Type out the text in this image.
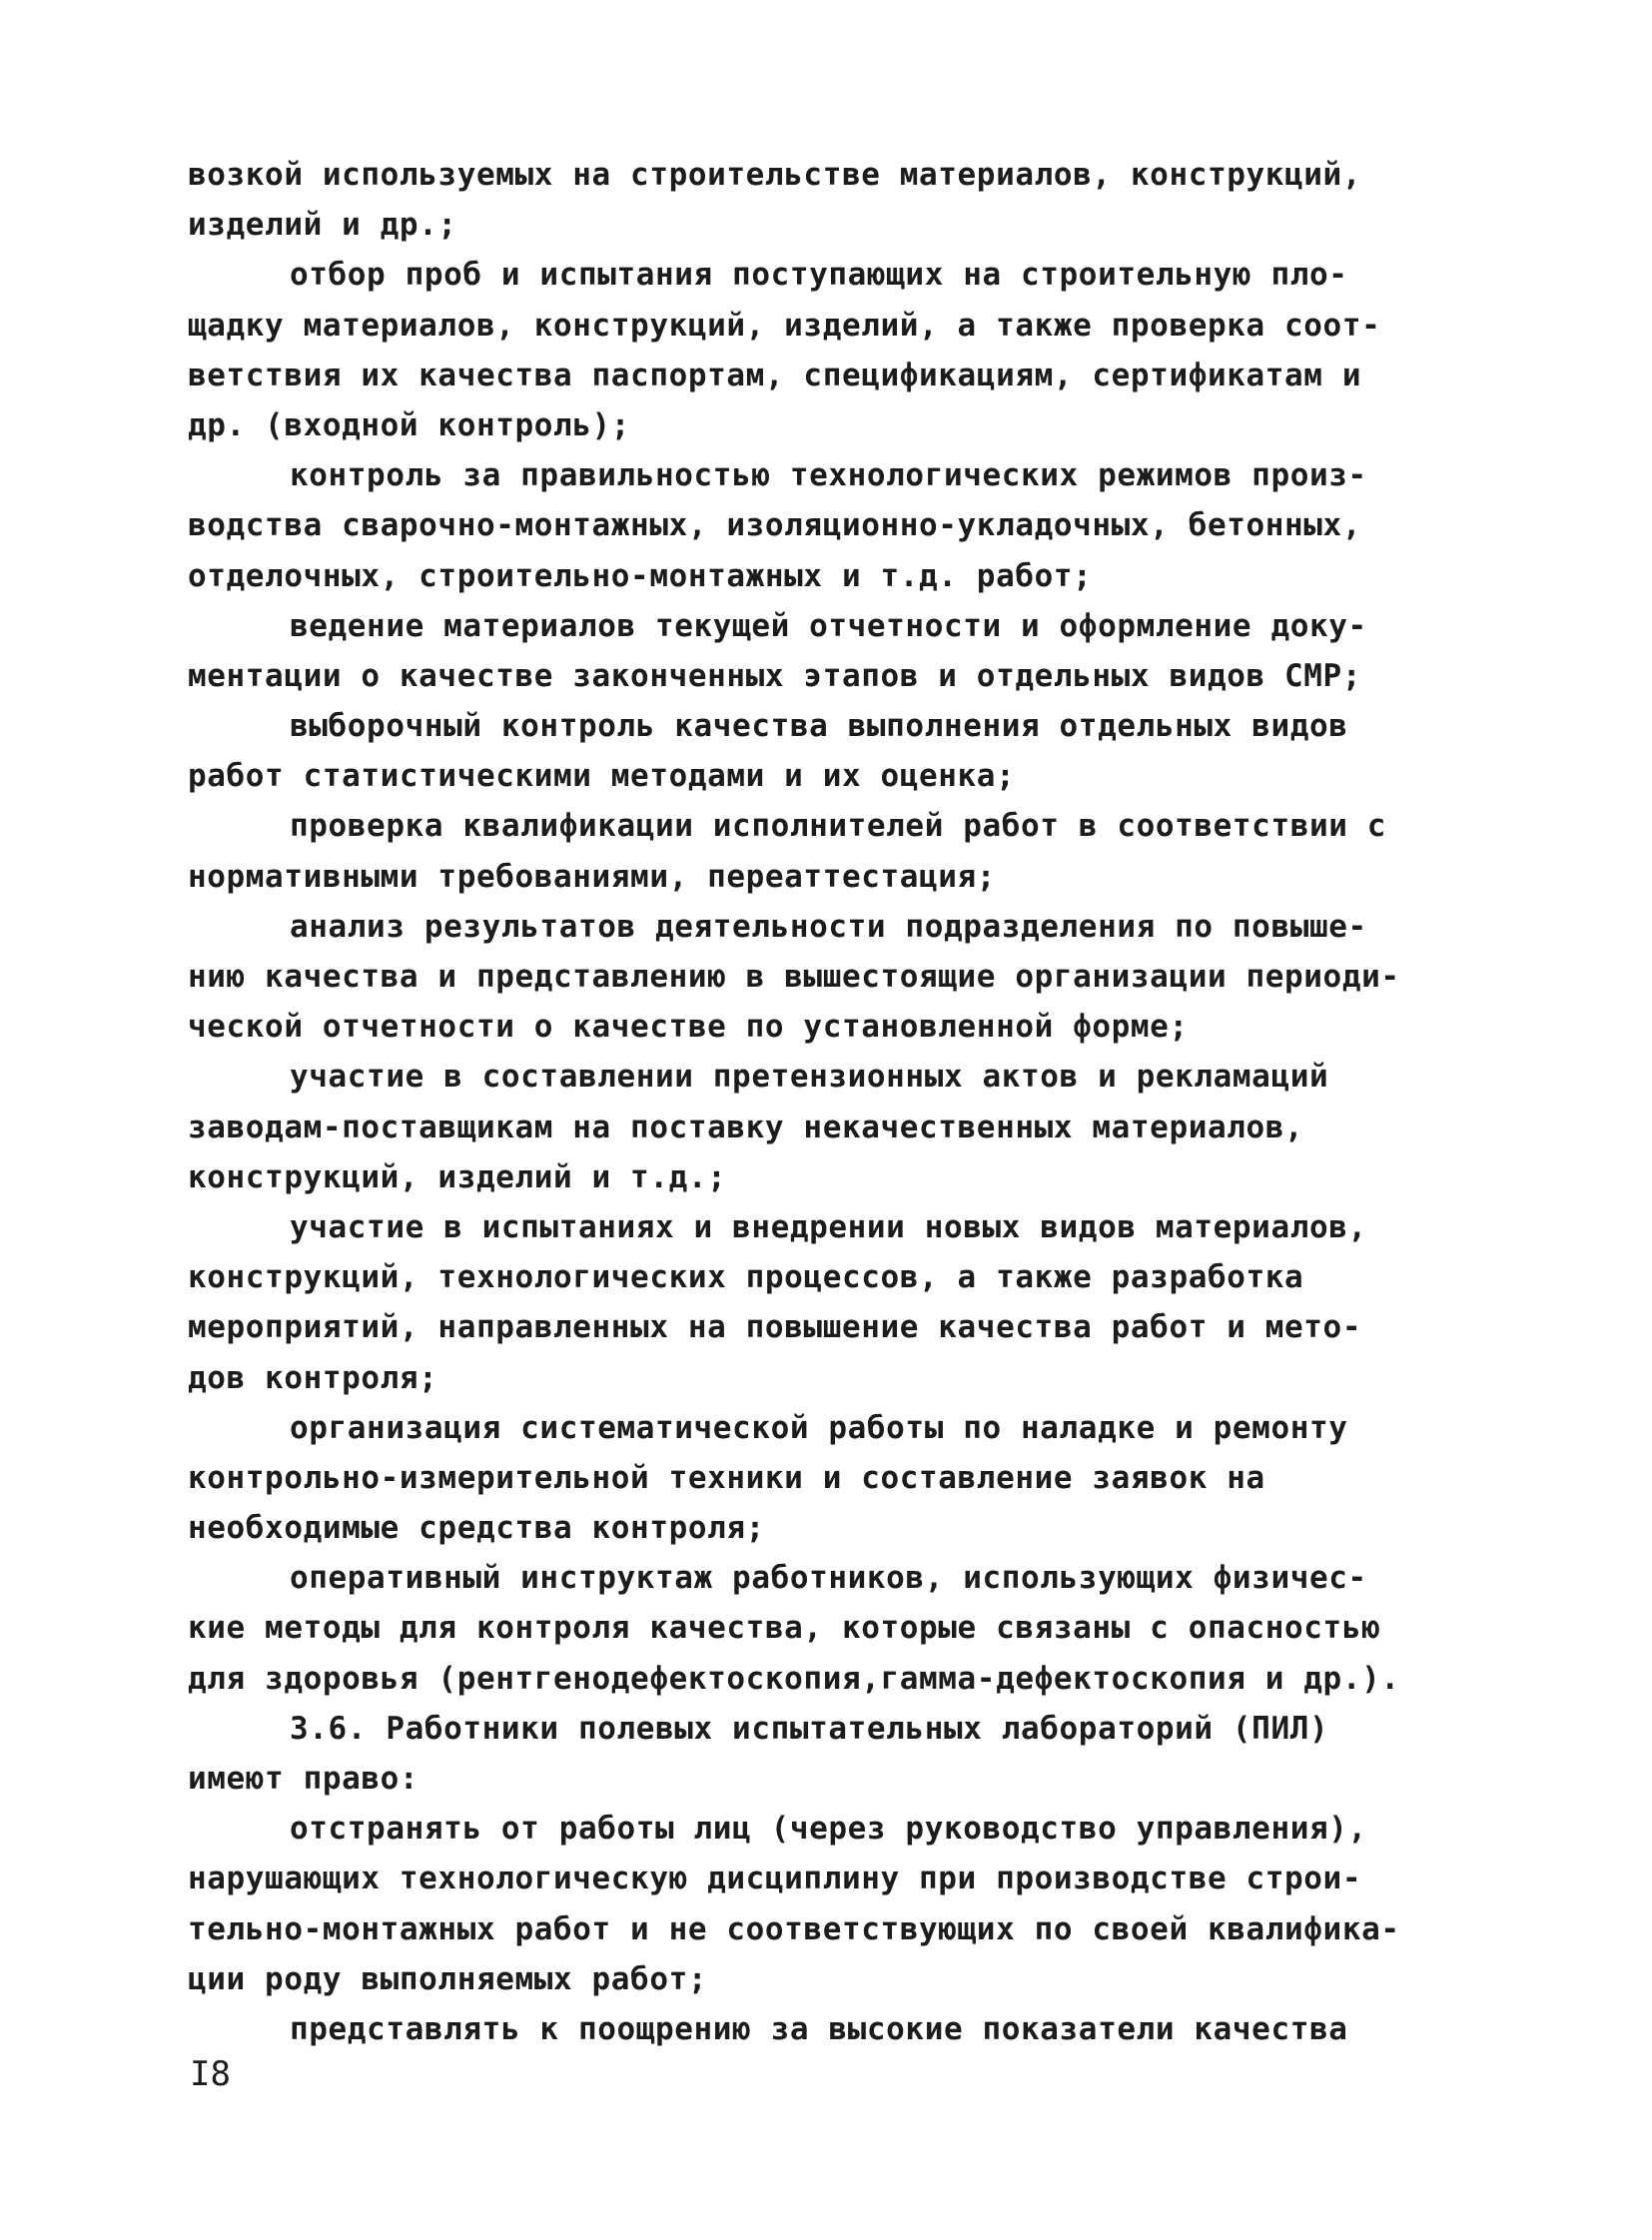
возкой используемых на строительстве материалов, конструкций,
изделий и др.;
отбор проб и испытания поступающих на строительную пло-
щадку материалов, конструкций, изделий, а также проверка соот-
ветствия их качества паспортам, спецификациям, сертификатам и
др. (входной контроль);
контроль за правильностью технологических режимов произ-
водства сварочно-монтажных, изоляционно-укладочных, бетонных,
отделочных, строительно-монтажных и т.д. работ;
ведение материалов текущей отчетности и оформление доку-
ментации о качестве законченных этапов и отдельных видов СМР;
выборочный контроль качества выполнения отдельных видов
работ статистическими методами и их оценка;
проверка квалификации исполнителей работ в соответствии с
нормативными требованиями, переаттестация;
анализ результатов деятельности подразделения по повыше-
нию качества и представлению в вышестоящие организации периоди-
ческой отчетности о качестве по установленной форме;
участие в составлении претензионных актов и рекламаций
заводам-поставщикам на поставку некачественных материалов,
конструкций, изделий и т.д.;
участие в испытаниях и внедрении новых видов материалов,
конструкций, технологических процессов, а также разработка
мероприятий, направленных на повышение качества работ и мето-
дов контроля;
организация систематической работы по наладке и ремонту
контрольно-измерительной техники и составление заявок на
необходимые средства контроля;
оперативный инструктаж работников, использующих физичес-
кие методы для контроля качества, которые связаны с опасностью
для здоровья (рентгенодефектоскопия,гамма-дефектоскопия и др.).
3.6. Работники полевых испытательных лабораторий (ПИЛ)
имеют право:
отстранять от работы лиц (через руководство управления),
нарушающих технологическую дисциплину при производстве строи-
тельно-монтажных работ и не соответствующих по своей квалифика-
ции роду выполняемых работ;
представлять к поощрению за высокие показатели качества
I8
